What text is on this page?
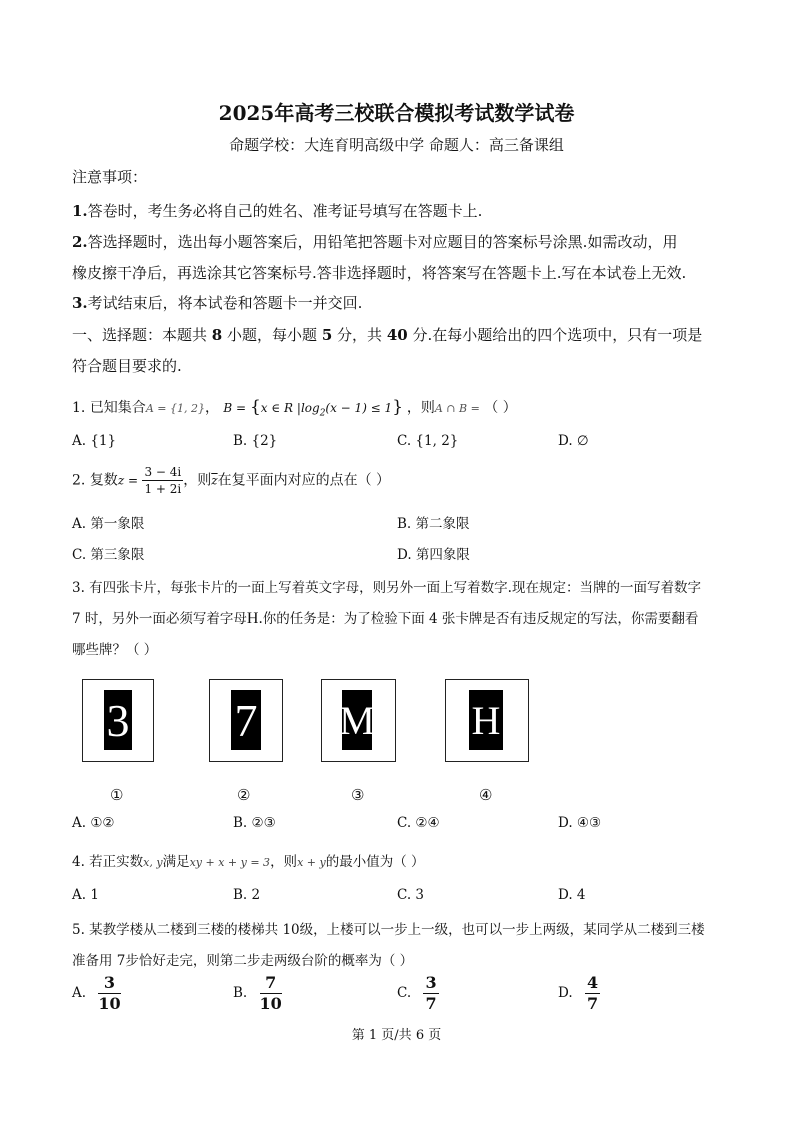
2025年高考三校联合模拟考试数学试卷
命题学校：大连育明高级中学 命题人：高三备课组
注意事项：
1.答卷时，考生务必将自己的姓名、准考证号填写在答题卡上.
2.答选择题时，选出每小题答案后，用铅笔把答题卡对应题目的答案标号涂黑.如需改动，用
橡皮擦干净后，再选涂其它答案标号.答非选择题时，将答案写在答题卡上.写在本试卷上无效.
3.考试结束后，将本试卷和答题卡一并交回.
一、选择题：本题共 8 小题，每小题 5 分，共 40 分.在每小题给出的四个选项中，只有一项是
符合题目要求的.
1. 已知集合A = {1, 2}， B = {x ∈ R $|\log_2(x - 1) \le 1$} ，则A ∩ B = （ ）
A. {1}	B. {2}	C. {1, 2}	D. ∅
2. 复数$z = \frac{3 - 4i}{1 + 2i}$ ，则$\overline{z}$在复平面内对应的点在（ ）
A. 第一象限	B. 第二象限
C. 第三象限	D. 第四象限
3. 有四张卡片，每张卡片的一面上写着英文字母，则另外一面上写着数字.现在规定：当牌的一面写着数字
7 时，另外一面必须写着字母H.你的任务是：为了检验下面 4 张卡牌是否有违反规定的写法，你需要翻看
哪些牌？（ ）
3 7 M H
①	②	③	④
A. ①②	B. ②③	C. ②④	D. ④③
4. 若正实数x, y满足xy + x + y = 3，则x + y的最小值为（ ）
A. 1	B. 2	C. 3	D. 4
5. 某教学楼从二楼到三楼的楼梯共 10级，上楼可以一步上一级，也可以一步上两级，某同学从二楼到三楼
准备用 7步恰好走完，则第二步走两级台阶的概率为（ ）
A. $\frac{3}{10}$	B. $\frac{7}{10}$	C. $\frac{3}{7}$	D. $\frac{4}{7}$
第 1 页/共 6 页
